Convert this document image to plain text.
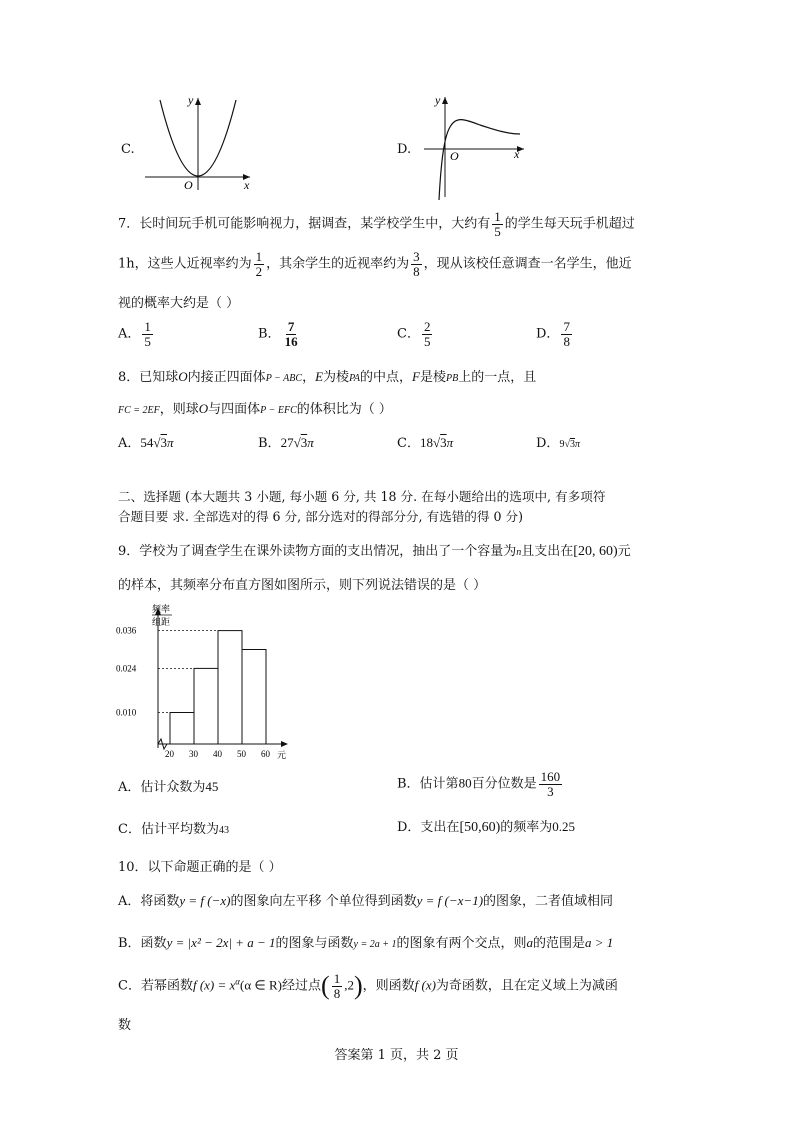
C.
x
y
O
D.	x
y
O
7．长时间玩手机可能影响视力，据调查，某学校学生中，大约有 $\frac{1}{5}$ 的学生每天玩手机超过
1h，这些人近视率约为 $\frac{1}{2}$ ，其余学生的近视率约为 $\frac{3}{8}$ ，现从该校任意调查一名学生，他近
视的概率大约是（ ）
A． $\frac{1}{5}$	B． $\frac{7}{16}$	C． $\frac{2}{5}$	D． $\frac{7}{8}$
8．已知球O内接正四面体P − ABC，E为棱PA的中点，F是棱PB上的一点，且
FC = 2EF，则球O与四面体P − EFC的体积比为（ ）
A．54√3π	B．27√3π	C．18√3π	D．9√3π
二、选择题 (本大题共 3 小题, 每小题 6 分, 共 18 分. 在每小题给出的选项中, 有多项符
合题目要 求. 全部选对的得 6 分, 部分选对的得部分分, 有选错的得 0 分)
9．学校为了调查学生在课外读物方面的支出情况，抽出了一个容量为n且支出在[20, 60)元
的样本，其频率分布直方图如图所示，则下列说法错误的是（ ）
频率
组距
0.010
0.024
0.036
20 30 40 50 60 元
A．估计众数为45	B．估计第80百分位数是 $\frac{160}{3}$
C．估计平均数为43	D．支出在[50,60)的频率为0.25
10．以下命题正确的是（ ）
A．将函数y = f (−x)的图象向左平移 个单位得到函数y = f (−x−1)的图象，二者值域相同
B．函数y = |x² − 2x| + a − 1的图象与函数y = 2a + 1的图象有两个交点，则a的范围是a > 1
C．若幂函数f $(x) = x^\alpha(\alpha$ ∈ R)经过点( $\frac{1}{8} ,2$)，则函数f (x)为奇函数，且在定义域上为减函
数
答案第 1 页，共 2 页
